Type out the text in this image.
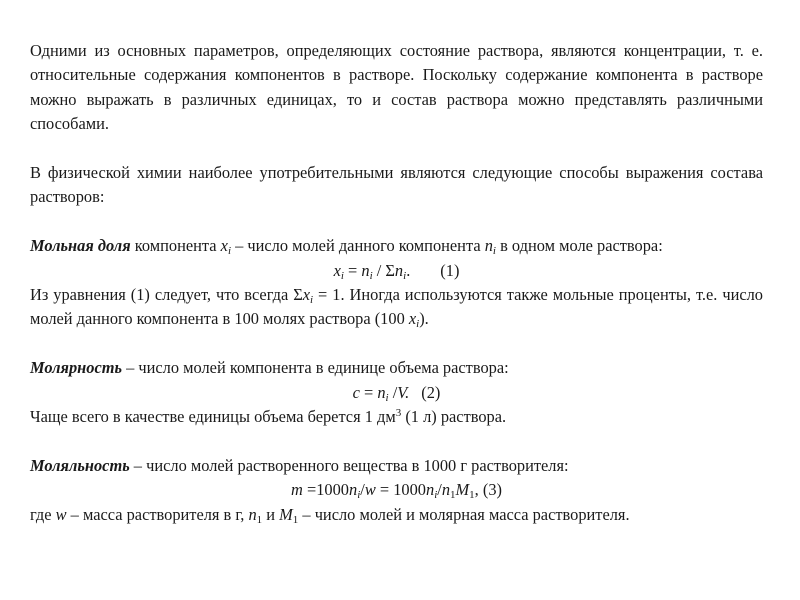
Одними из основных параметров, определяющих состояние раствора, являются концентрации, т. е. относительные содержания компонентов в растворе. Поскольку содержание компонента в растворе можно выражать в различных единицах, то и состав раствора можно представлять различными способами.

В физической химии наиболее употребительными являются следующие способы выражения состава растворов:

Мольная доля компонента $x_i$ – число молей данного компонента $n_i$ в одном моле раствора:

$x_i = n_i / \Sigma n_i$. (1)

Из уравнения (1) следует, что всегда $\Sigma x_i = 1$. Иногда используются также мольные проценты, т.е. число молей данного компонента в 100 молях раствора (100 $x_i$).

Молярность – число молей компонента в единице объема раствора:

$c = n_i$ /V. (2)

Чаще всего в качестве единицы объема берется 1 $дм^3$ (1 л) раствора.

Моляльность – число молей растворенного вещества в 1000 г растворителя:

$m =1000n_i/w = 1000n_i/n_1M_1$, (3)

где w – масса растворителя в г, $n_1$ и $M_1$ – число молей и молярная масса растворителя.
